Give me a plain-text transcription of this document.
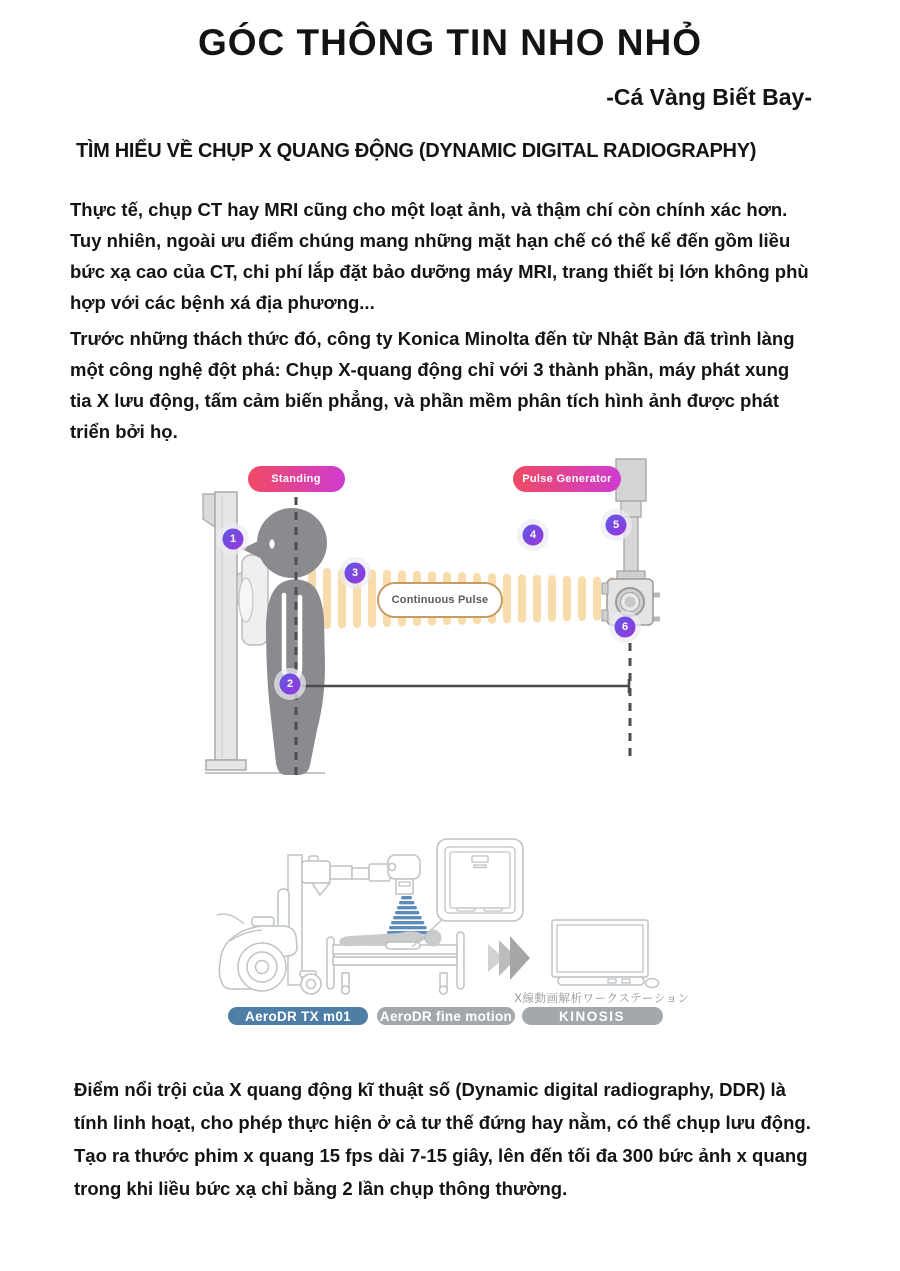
GÓC THÔNG TIN NHO NHỎ
-Cá Vàng Biết Bay-
TÌM HIỂU VỀ CHỤP X QUANG ĐỘNG (DYNAMIC DIGITAL RADIOGRAPHY)
Thực tế, chụp CT hay MRI cũng cho một loạt ảnh, và thậm chí còn chính xác hơn.
Tuy nhiên, ngoài ưu điểm chúng mang những mặt hạn chế có thể kể đến gồm liều
bức xạ cao của CT, chi phí lắp đặt bảo dưỡng máy MRI, trang thiết bị lớn không phù
hợp với các bệnh xá địa phương...
Trước những thách thức đó, công ty Konica Minolta đến từ Nhật Bản đã trình làng
một công nghệ đột phá: Chụp X-quang động chỉ với 3 thành phần, máy phát xung
tia X lưu động, tấm cảm biến phẳng, và phần mềm phân tích hình ảnh được phát
triển bởi họ.
Continuous Pulse
Standing	Pulse Generator
1
2
3
4
5
6
X線動画解析ワークステーション
AeroDR TX m01 AeroDR fine motion	KINOSIS
Điểm nổi trội của X quang động kĩ thuật số (Dynamic digital radiography, DDR) là
tính linh hoạt, cho phép thực hiện ở cả tư thế đứng hay nằm, có thể chụp lưu động.
Tạo ra thước phim x quang 15 fps dài 7-15 giây, lên đến tối đa 300 bức ảnh x quang
trong khi liều bức xạ chỉ bằng 2 lần chụp thông thường.
